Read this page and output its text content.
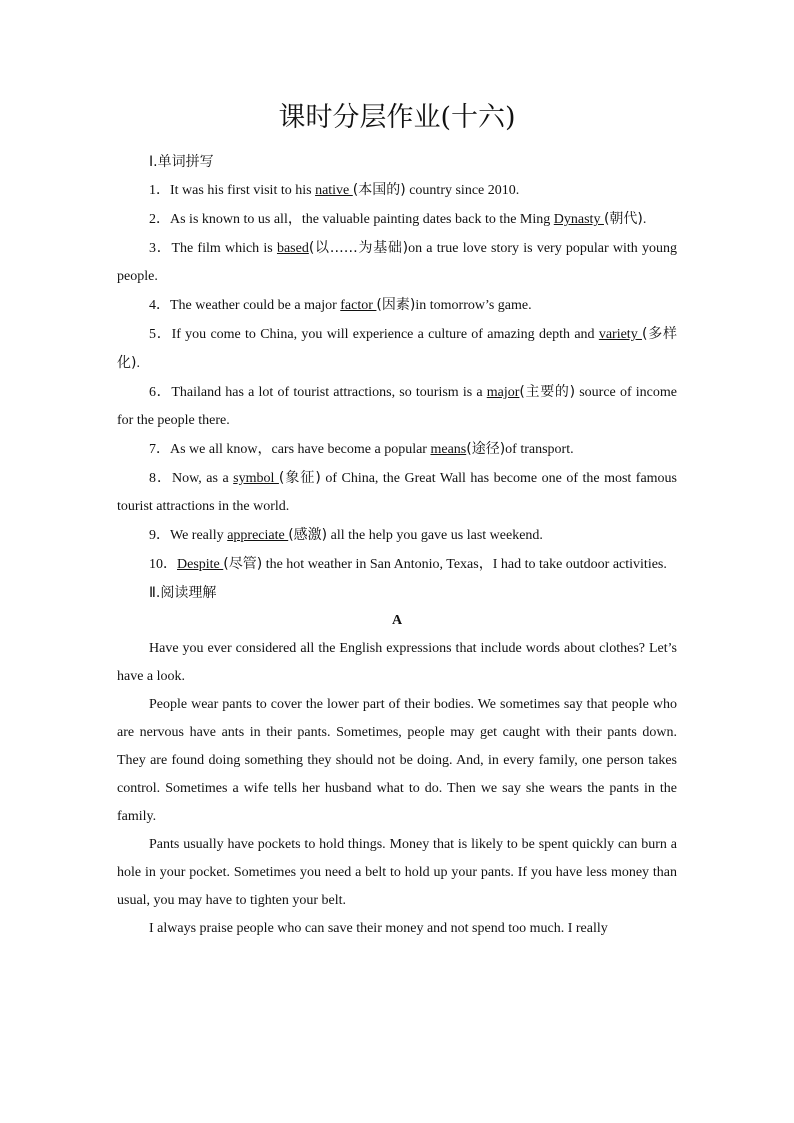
课时分层作业(十六)

Ⅰ.单词拼写

1．It was his first visit to his native (本国的) country since 2010.

2．As is known to us all，the valuable painting dates back to the Ming Dynasty (朝代).

3．The film which is based(以……为基础)on a true love story is very popular with young people.

4．The weather could be a major factor (因素)in tomorrow’s game.

5．If you come to China, you will experience a culture of amazing depth and variety (多样化).

6．Thailand has a lot of tourist attractions, so tourism is a major(主要的) source of income for the people there.

7．As we all know，cars have become a popular means(途径)of transport.

8．Now, as a symbol (象征) of China, the Great Wall has become one of the most famous tourist attractions in the world.

9．We really appreciate (感激) all the help you gave us last weekend.

10．Despite (尽管) the hot weather in San Antonio, Texas，I had to take outdoor activities.

Ⅱ.阅读理解

A

Have you ever considered all the English expressions that include words about clothes? Let’s have a look.

People wear pants to cover the lower part of their bodies. We sometimes say that people who are nervous have ants in their pants. Sometimes, people may get caught with their pants down. They are found doing something they should not be doing. And, in every family, one person takes control. Sometimes a wife tells her husband what to do. Then we say she wears the pants in the family.

Pants usually have pockets to hold things. Money that is likely to be spent quickly can burn a hole in your pocket. Sometimes you need a belt to hold up your pants. If you have less money than usual, you may have to tighten your belt.

I always praise people who can save their money and not spend too much. I really
